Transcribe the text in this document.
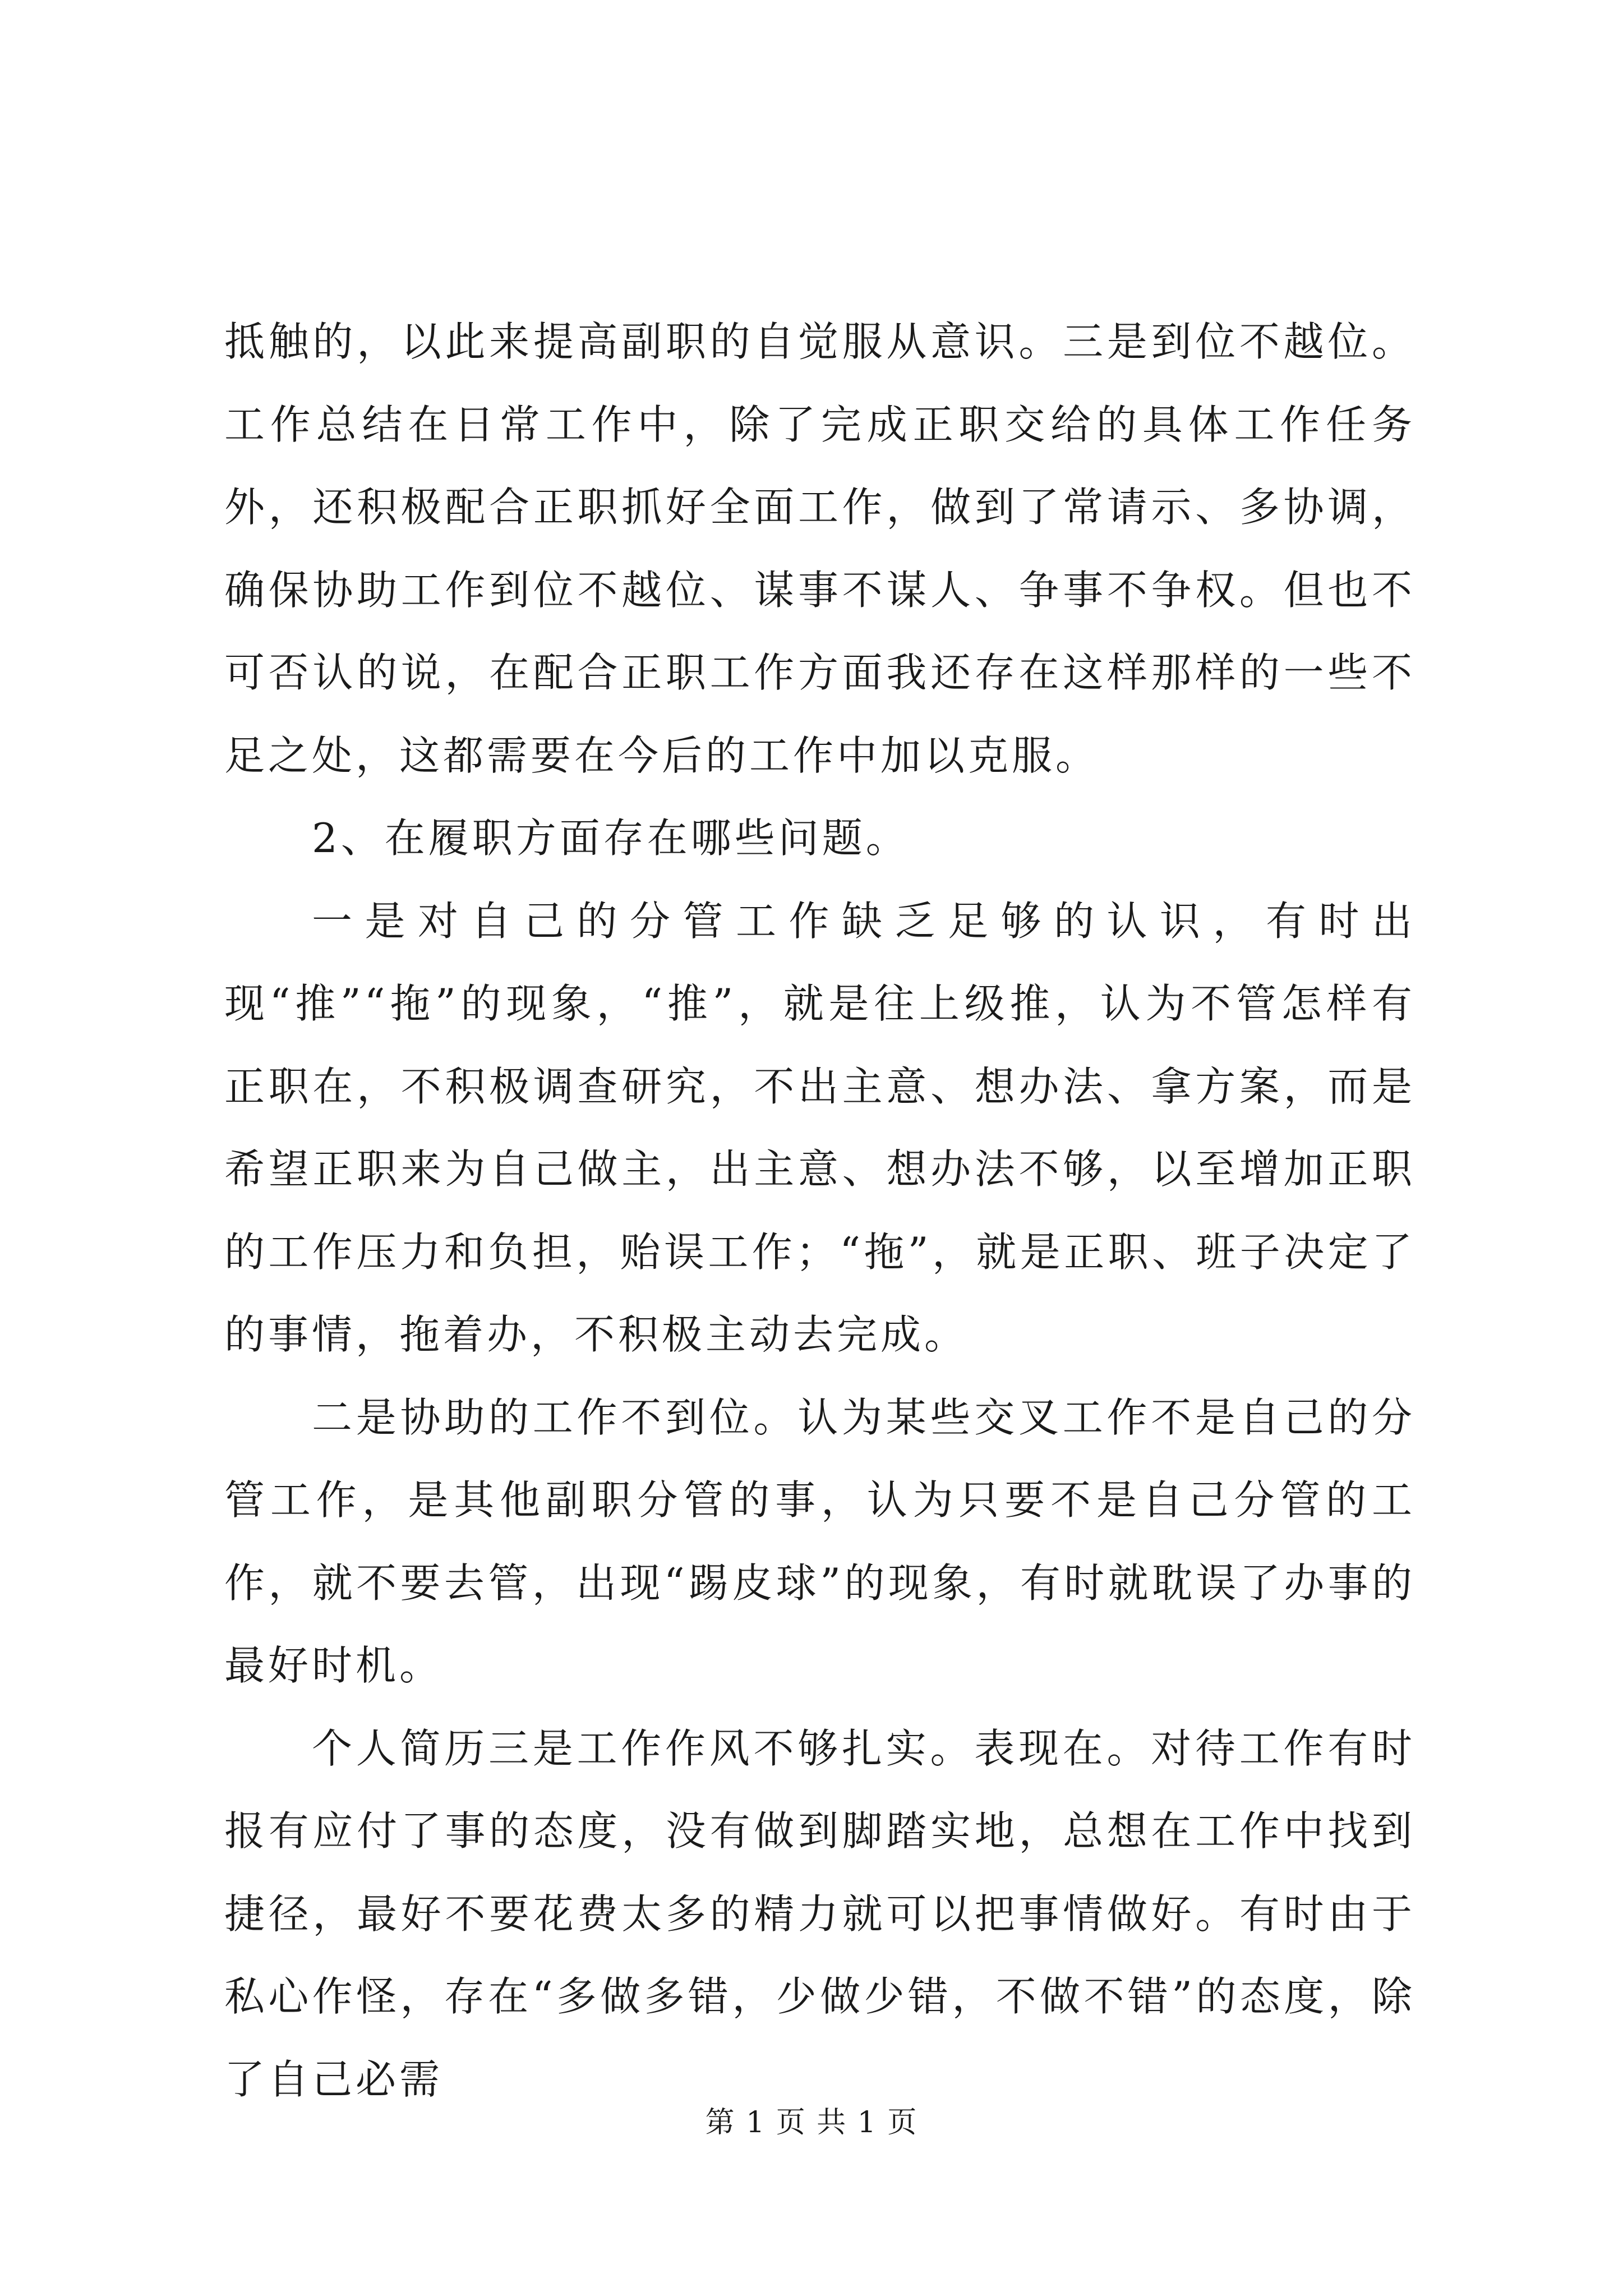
抵触的，以此来提高副职的自觉服从意识。三是到位不越位。工作总结在日常工作中，除了完成正职交给的具体工作任务外，还积极配合正职抓好全面工作，做到了常请示、多协调，确保协助工作到位不越位、谋事不谋人、争事不争权。但也不可否认的说，在配合正职工作方面我还存在这样那样的一些不足之处，这都需要在今后的工作中加以克服。

2、在履职方面存在哪些问题。

一是对自己的分管工作缺乏足够的认识，有时出现“推”“拖”的现象，“推”，就是往上级推，认为不管怎样有正职在，不积极调查研究，不出主意、想办法、拿方案，而是希望正职来为自己做主，出主意、想办法不够，以至增加正职的工作压力和负担，贻误工作；“拖”，就是正职、班子决定了的事情，拖着办，不积极主动去完成。

二是协助的工作不到位。认为某些交叉工作不是自己的分管工作，是其他副职分管的事，认为只要不是自己分管的工作，就不要去管，出现“踢皮球”的现象，有时就耽误了办事的最好时机。

个人简历三是工作作风不够扎实。表现在。对待工作有时报有应付了事的态度，没有做到脚踏实地，总想在工作中找到捷径，最好不要花费太多的精力就可以把事情做好。有时由于私心作怪，存在“多做多错，少做少错，不做不错”的态度，除了自己必需

第 1 页 共 1 页
